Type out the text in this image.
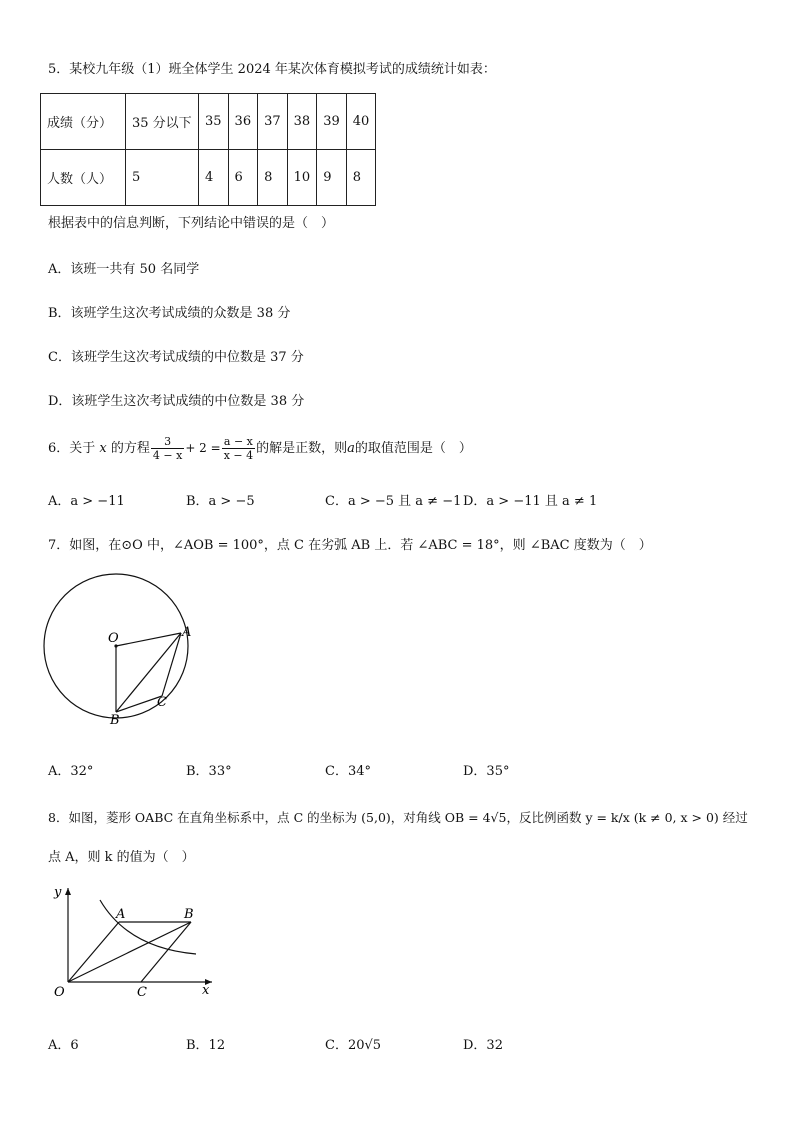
5．某校九年级（1）班全体学生 2024 年某次体育模拟考试的成绩统计如表：
成绩（分）	35 分以下	35	36	37	38	39	40
人数（人）	5	4	6	8	10	9	8
根据表中的信息判断，下列结论中错误的是（　）
A．该班一共有 50 名同学
B．该班学生这次考试成绩的众数是 38 分
C．该班学生这次考试成绩的中位数是 37 分
D．该班学生这次考试成绩的中位数是 38 分
6．关于 x 的方程 $\frac{3}{4 - x} + 2 = \frac{a - x}{x - 4}$ 的解是正数，则a的取值范围是（　）
A．a > −11	B．a > −5	C．a > −5 且 a ≠ −1 D．a > −11 且 a ≠ 1
7．如图，在⊙O 中，∠AOB = 100°，点 C 在劣弧 AB 上．若 ∠ABC = 18°，则 ∠BAC 度数为（　）
O	A
B
C
A．32°	B．33°	C．34°	D．35°
8．如图，菱形 OABC 在直角坐标系中，点 C 的坐标为 (5,0)，对角线 OB = 4√5，反比例函数 y = k/x (k ≠ 0, x > 0) 经过
点 A，则 k 的值为（　）
y
x
O
A	B
C
A．6	B．12	C．20√5	D．32
